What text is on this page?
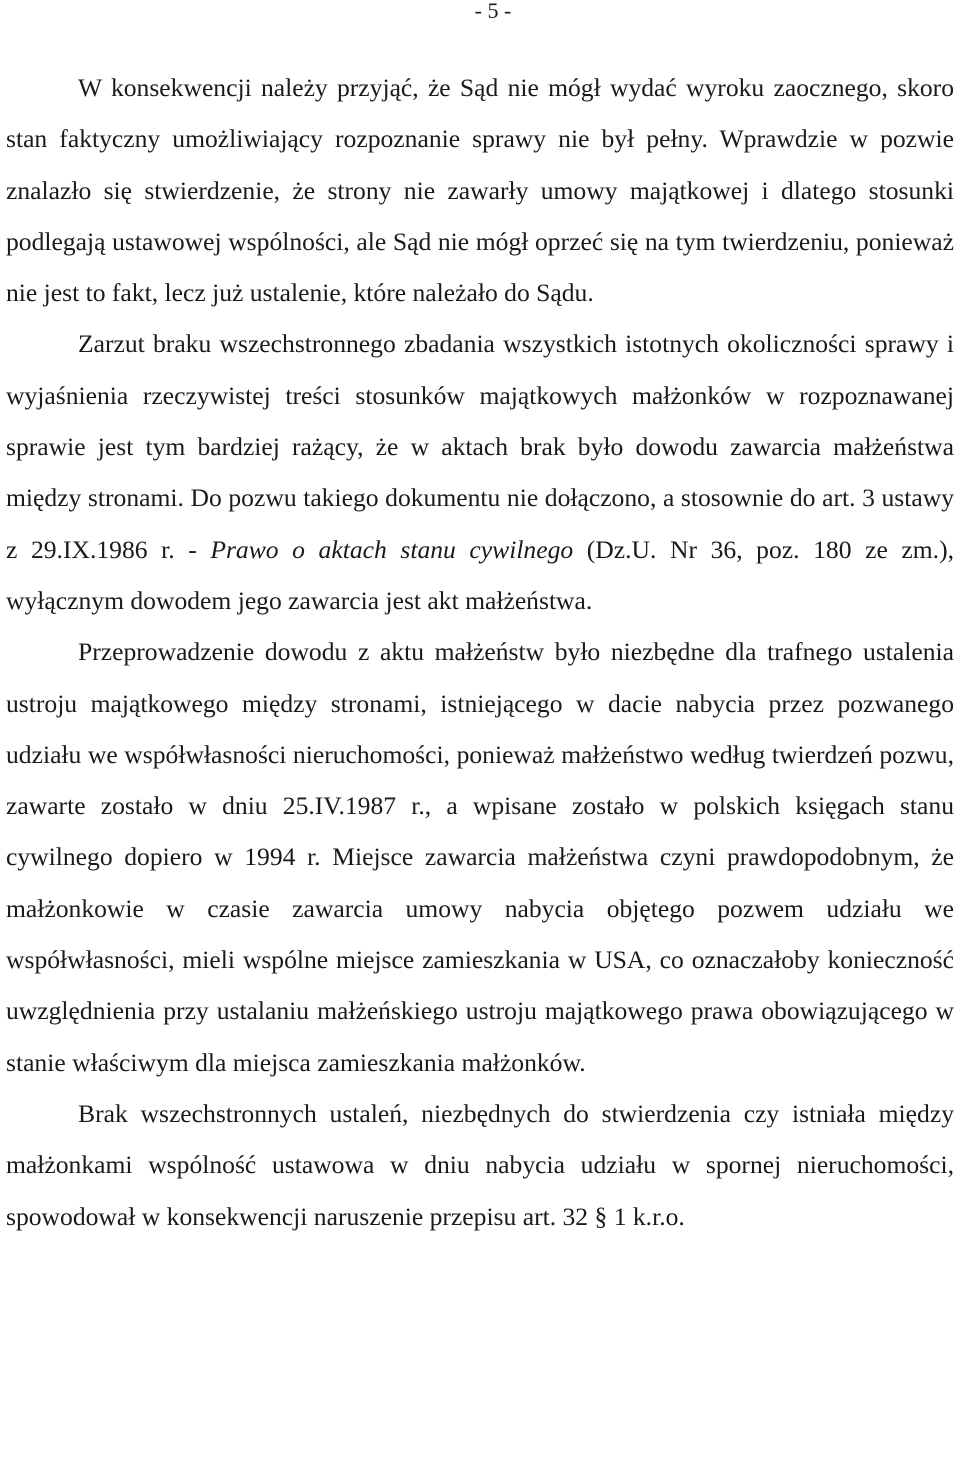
- 5 -

W konsekwencji należy przyjąć, że Sąd nie mógł wydać wyroku zaocznego, skoro stan faktyczny umożliwiający rozpoznanie sprawy nie był pełny. Wprawdzie w pozwie znalazło się stwierdzenie, że strony nie zawarły umowy majątkowej i dlatego stosunki podlegają ustawowej wspólności, ale Sąd nie mógł oprzeć się na tym twierdzeniu, ponieważ nie jest to fakt, lecz już ustalenie, które należało do Sądu.

Zarzut braku wszechstronnego zbadania wszystkich istotnych okoliczności sprawy i wyjaśnienia rzeczywistej treści stosunków majątkowych małżonków w rozpoznawanej sprawie jest tym bardziej rażący, że w aktach brak było dowodu zawarcia małżeństwa między stronami. Do pozwu takiego dokumentu nie dołączono, a stosownie do art. 3 ustawy z 29.IX.1986 r. - Prawo o aktach stanu cywilnego (Dz.U. Nr 36, poz. 180 ze zm.), wyłącznym dowodem jego zawarcia jest akt małżeństwa.

Przeprowadzenie dowodu z aktu małżeństw było niezbędne dla trafnego ustalenia ustroju majątkowego między stronami, istniejącego w dacie nabycia przez pozwanego udziału we współwłasności nieruchomości, ponieważ małżeństwo według twierdzeń pozwu, zawarte zostało w dniu 25.IV.1987 r., a wpisane zostało w polskich księgach stanu cywilnego dopiero w 1994 r. Miejsce zawarcia małżeństwa czyni prawdopodobnym, że małżonkowie w czasie zawarcia umowy nabycia objętego pozwem udziału we współwłasności, mieli wspólne miejsce zamieszkania w USA, co oznaczałoby konieczność uwzględnienia przy ustalaniu małżeńskiego ustroju majątkowego prawa obowiązującego w stanie właściwym dla miejsca zamieszkania małżonków.

Brak wszechstronnych ustaleń, niezbędnych do stwierdzenia czy istniała między małżonkami wspólność ustawowa w dniu nabycia udziału w spornej nieruchomości, spowodował w konsekwencji naruszenie przepisu art. 32 § 1 k.r.o.
